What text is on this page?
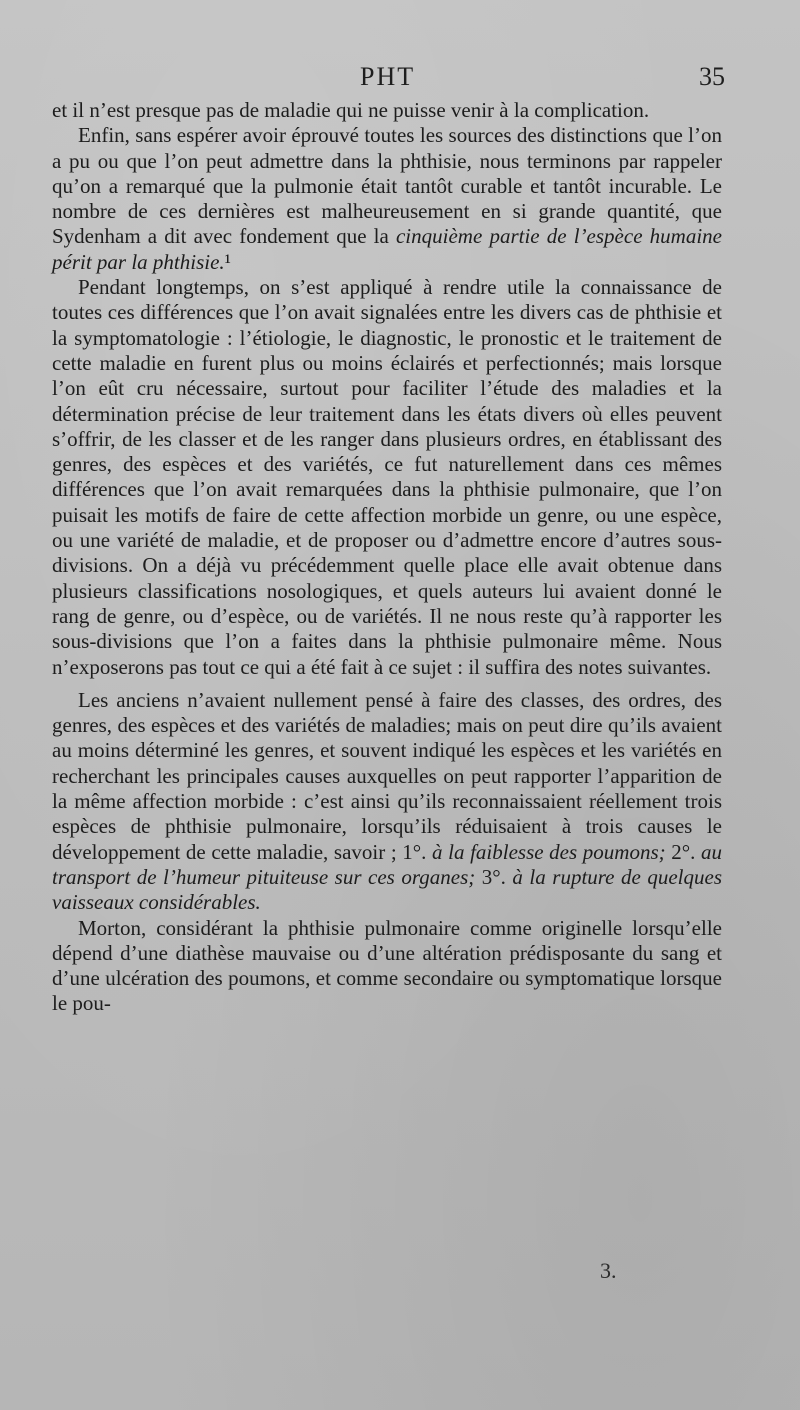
PHT	35

et il n’est presque pas de maladie qui ne puisse venir à la complication.

Enfin, sans espérer avoir éprouvé toutes les sources des distinctions que l’on a pu ou que l’on peut admettre dans la phthisie, nous terminons par rappeler qu’on a remarqué que la pulmonie était tantôt curable et tantôt incurable. Le nombre de ces dernières est malheureusement en si grande quantité, que Sydenham a dit avec fondement que la cinquième partie de l’espèce humaine périt par la phthisie.¹

Pendant longtemps, on s’est appliqué à rendre utile la connaissance de toutes ces différences que l’on avait signalées entre les divers cas de phthisie et la symptomatologie : l’étiologie, le diagnostic, le pronostic et le traitement de cette maladie en furent plus ou moins éclairés et perfectionnés; mais lorsque l’on eût cru nécessaire, surtout pour faciliter l’étude des maladies et la détermination précise de leur traitement dans les états divers où elles peuvent s’offrir, de les classer et de les ranger dans plusieurs ordres, en établissant des genres, des espèces et des variétés, ce fut naturellement dans ces mêmes différences que l’on avait remarquées dans la phthisie pulmonaire, que l’on puisait les motifs de faire de cette affection morbide un genre, ou une espèce, ou une variété de maladie, et de proposer ou d’admettre encore d’autres sous-divisions. On a déjà vu précédemment quelle place elle avait obtenue dans plusieurs classifications nosologiques, et quels auteurs lui avaient donné le rang de genre, ou d’espèce, ou de variétés. Il ne nous reste qu’à rapporter les sous-divisions que l’on a faites dans la phthisie pulmonaire même. Nous n’exposerons pas tout ce qui a été fait à ce sujet : il suffira des notes suivantes.

Les anciens n’avaient nullement pensé à faire des classes, des ordres, des genres, des espèces et des variétés de maladies; mais on peut dire qu’ils avaient au moins déterminé les genres, et souvent indiqué les espèces et les variétés en recherchant les principales causes auxquelles on peut rapporter l’apparition de la même affection morbide : c’est ainsi qu’ils reconnaissaient réellement trois espèces de phthisie pulmonaire, lorsqu’ils réduisaient à trois causes le développement de cette maladie, savoir ; 1°. à la faiblesse des poumons; 2°. au transport de l’humeur pituiteuse sur ces organes; 3°. à la rupture de quelques vaisseaux considérables.

Morton, considérant la phthisie pulmonaire comme originelle lorsqu’elle dépend d’une diathèse mauvaise ou d’une altération prédisposante du sang et d’une ulcération des poumons, et comme secondaire ou symptomatique lorsque le pou-

3.
